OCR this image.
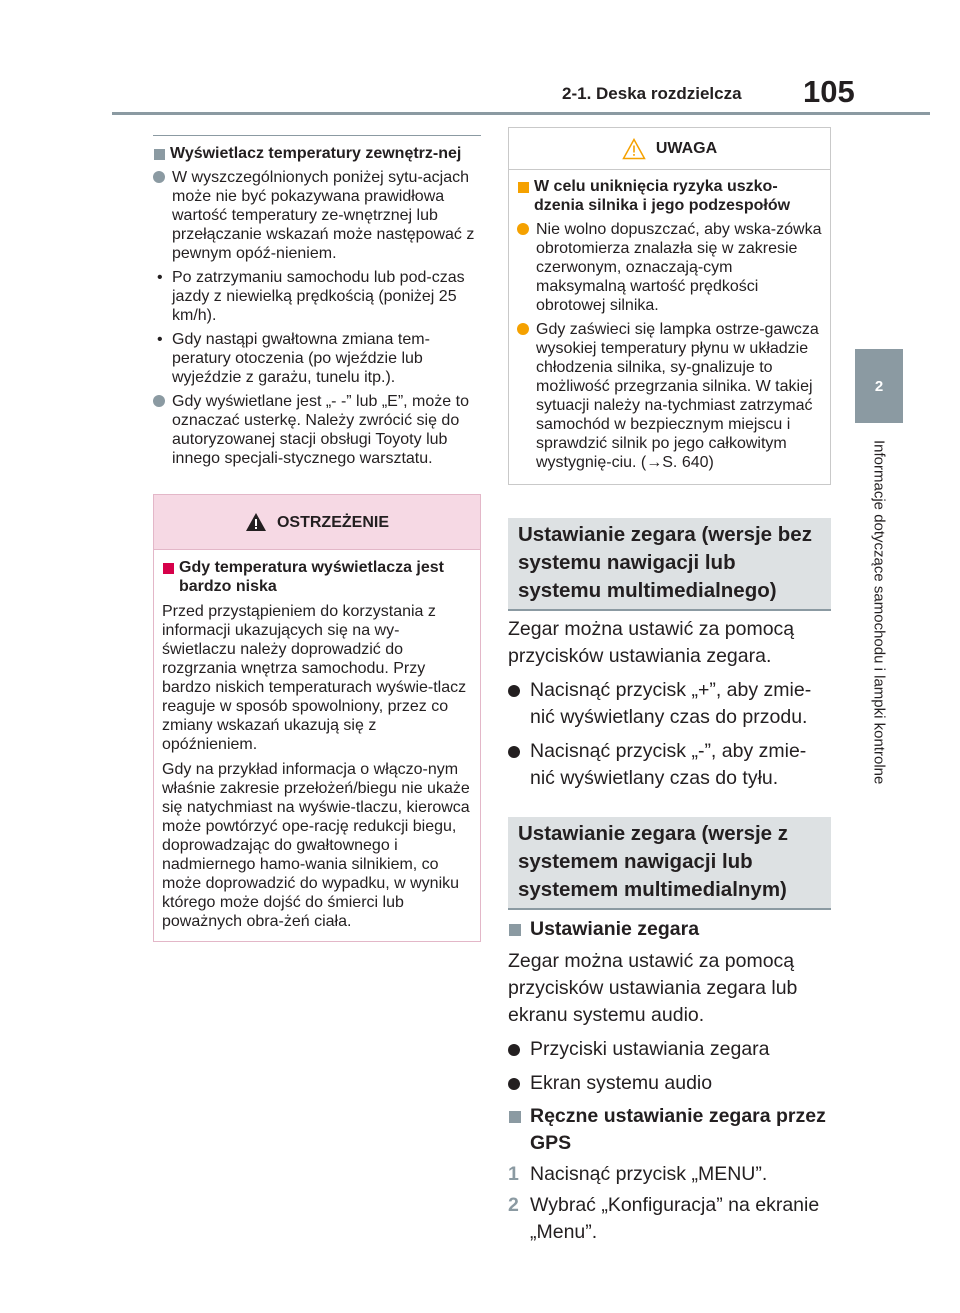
2-1. Deska rozdzielcza 105
2
Informacje dotyczące samochodu i lampki kontrolne
Wyświetlacz temperatury zewnętrz-nej
W wyszczególnionych poniżej sytu-acjach może nie być pokazywana prawidłowa wartość temperatury ze-wnętrznej lub przełączanie wskazań może następować z pewnym opóź-nieniem.
• Po zatrzymaniu samochodu lub pod-czas jazdy z niewielką prędkością (poniżej 25 km/h).
• Gdy nastąpi gwałtowna zmiana tem-peratury otoczenia (po wjeździe lub wyjeździe z garażu, tunelu itp.).
Gdy wyświetlane jest „- -” lub „E”, może to oznaczać usterkę. Należy zwrócić się do autoryzowanej stacji obsługi Toyoty lub innego specjali-stycznego warsztatu.
OSTRZEŻENIE
Gdy temperatura wyświetlacza jest bardzo niska

Przed przystąpieniem do korzystania z informacji ukazujących się na wy-świetlaczu należy doprowadzić do rozgrzania wnętrza samochodu. Przy bardzo niskich temperaturach wyświe-tlacz reaguje w sposób spowolniony, przez co zmiany wskazań ukazują się z opóźnieniem.

Gdy na przykład informacja o włączo-nym właśnie zakresie przełożeń/biegu nie ukaże się natychmiast na wyświe-tlaczu, kierowca może powtórzyć ope-rację redukcji biegu, doprowadzając do gwałtownego i nadmiernego hamo-wania silnikiem, co może doprowadzić do wypadku, w wyniku którego może dojść do śmierci lub poważnych obra-żeń ciała.

UWAGA
W celu uniknięcia ryzyka uszko-dzenia silnika i jego podzespołów
Nie wolno dopuszczać, aby wska-zówka obrotomierza znalazła się w zakresie czerwonym, oznaczają-cym maksymalną wartość prędkości obrotowej silnika.
Gdy zaświeci się lampka ostrze-gawcza wysokiej temperatury płynu w układzie chłodzenia silnika, sy-gnalizuje to możliwość przegrzania silnika. W takiej sytuacji należy na-tychmiast zatrzymać samochód w bezpiecznym miejscu i sprawdzić silnik po jego całkowitym wystygnię-ciu. (→S. 640)
Ustawianie zegara (wersje bez systemu nawigacji lub systemu multimedialnego)
Zegar można ustawić za pomocą przycisków ustawiania zegara.
Nacisnąć przycisk „+”, aby zmie-nić wyświetlany czas do przodu.
Nacisnąć przycisk „-”, aby zmie-nić wyświetlany czas do tyłu.
Ustawianie zegara (wersje z systemem nawigacji lub systemem multimedialnym)
Ustawianie zegara
Zegar można ustawić za pomocą przycisków ustawiania zegara lub ekranu systemu audio.
Przyciski ustawiania zegara
Ekran systemu audio
Ręczne ustawianie zegara przez GPS
1 Nacisnąć przycisk „MENU”.
2 Wybrać „Konfiguracja” na ekranie „Menu”.
